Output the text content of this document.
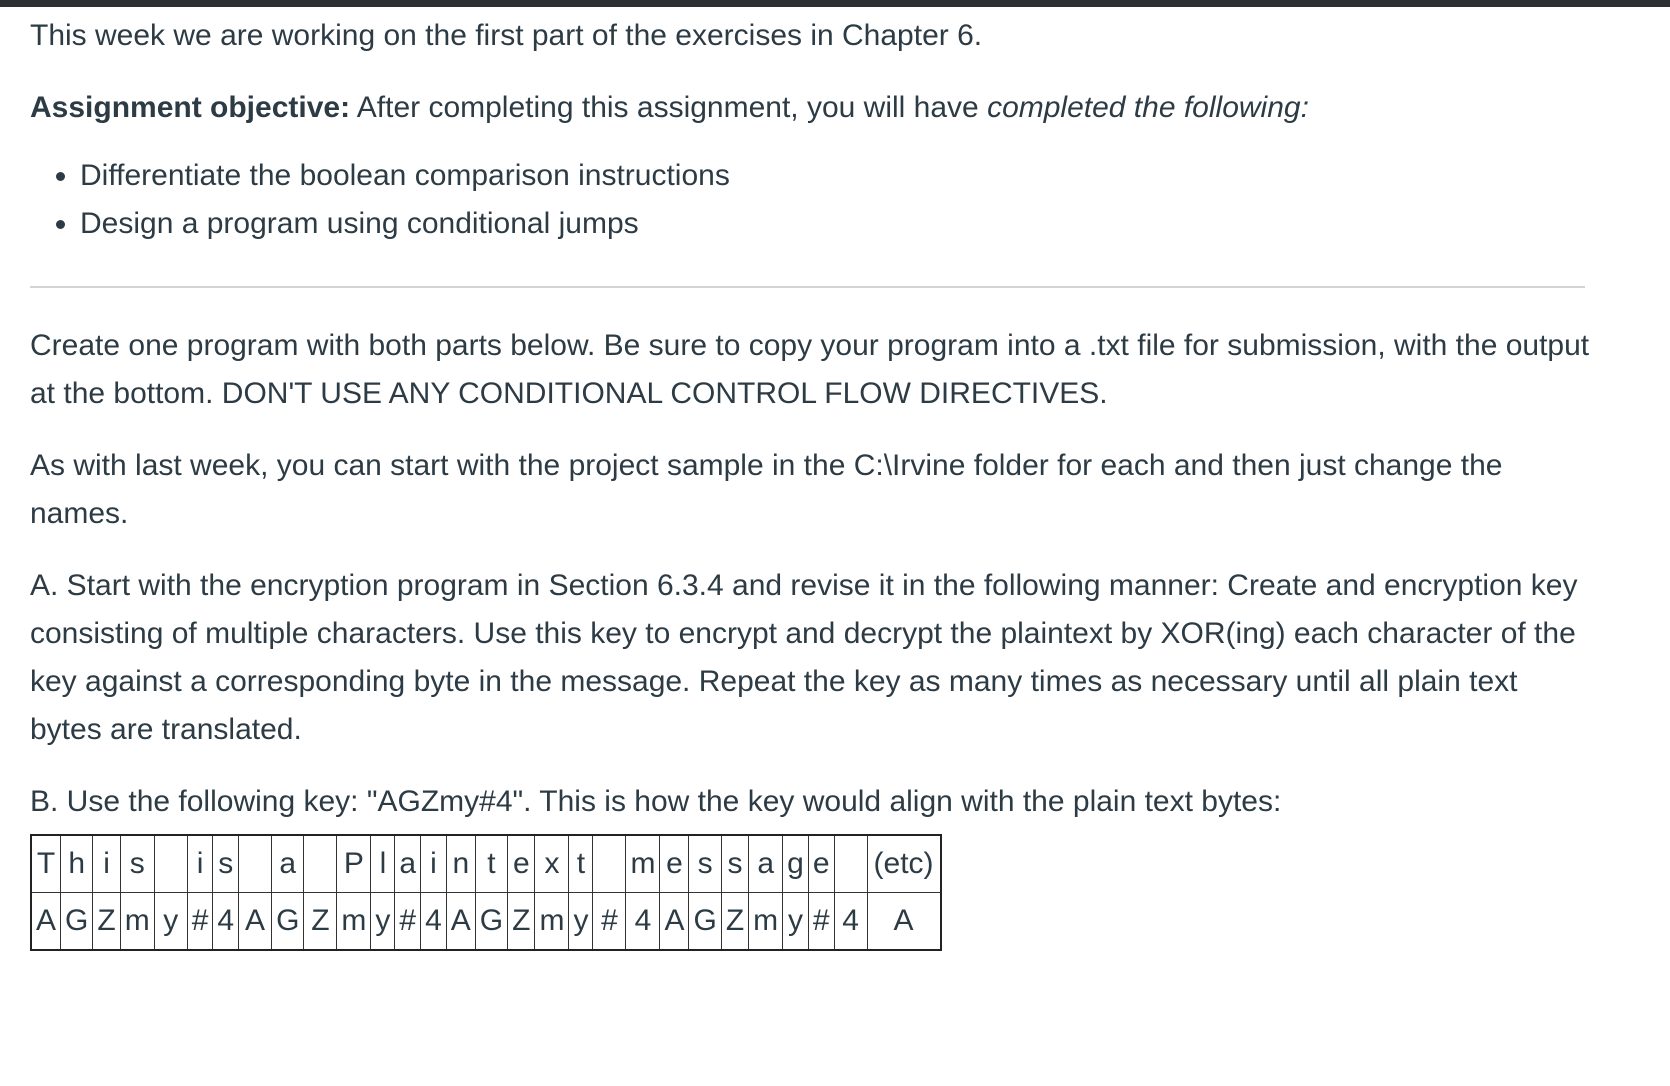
This week we are working on the first part of the exercises in Chapter 6.

Assignment objective: After completing this assignment, you will have completed the following:

• Differentiate the boolean comparison instructions
• Design a program using conditional jumps

Create one program with both parts below. Be sure to copy your program into a .txt file for submission, with the output at the bottom. DON'T USE ANY CONDITIONAL CONTROL FLOW DIRECTIVES.

As with last week, you can start with the project sample in the C:\Irvine folder for each and then just change the names.

A. Start with the encryption program in Section 6.3.4 and revise it in the following manner: Create and encryption key consisting of multiple characters. Use this key to encrypt and decrypt the plaintext by XOR(ing) each character of the key against a corresponding byte in the message. Repeat the key as many times as necessary until all plain text bytes are translated.

B. Use the following key: "AGZmy#4". This is how the key would align with the plain text bytes:

T	h	i	s		i	s		a		P	l	a	i	n	t	e	x	t		m	e	s	s	a	g	e		(etc)
A	G	Z	m	y	#	4	A	G	Z	m	y	#	4	A	G	Z	m	y	#	4	A	G	Z	m	y	#	4	A
